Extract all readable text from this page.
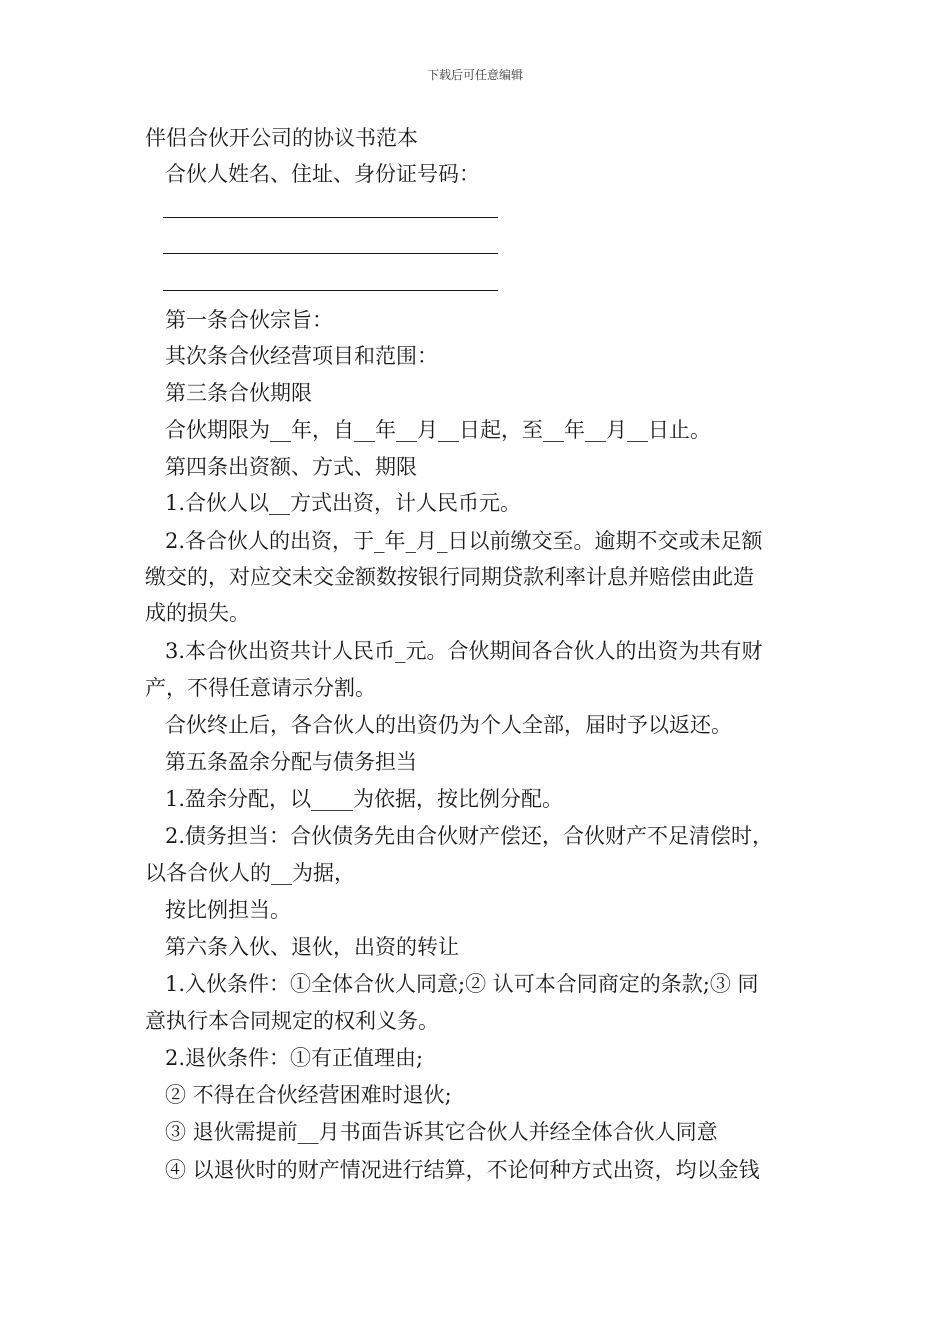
下载后可任意编辑
伴侣合伙开公司的协议书范本
合伙人姓名、住址、身份证号码：
第一条合伙宗旨：
其次条合伙经营项目和范围：
第三条合伙期限
合伙期限为__年，自__年__月__日起，至__年__月__日止。
第四条出资额、方式、期限
1.合伙人以__方式出资，计人民币元。
2.各合伙人的出资，于_年_月_日以前缴交至。逾期不交或未足额
缴交的，对应交未交金额数按银行同期贷款利率计息并赔偿由此造
成的损失。
3.本合伙出资共计人民币_元。合伙期间各合伙人的出资为共有财
产，不得任意请示分割。
合伙终止后，各合伙人的出资仍为个人全部，届时予以返还。
第五条盈余分配与债务担当
1.盈余分配，以____为依据，按比例分配。
2.债务担当：合伙债务先由合伙财产偿还，合伙财产不足清偿时，
以各合伙人的__为据，
按比例担当。
第六条入伙、退伙，出资的转让
1.入伙条件：①全体合伙人同意;② 认可本合同商定的条款;③ 同
意执行本合同规定的权利义务。
2.退伙条件：①有正值理由;
② 不得在合伙经营困难时退伙;
③ 退伙需提前__月书面告诉其它合伙人并经全体合伙人同意
④ 以退伙时的财产情况进行结算，不论何种方式出资，均以金钱
